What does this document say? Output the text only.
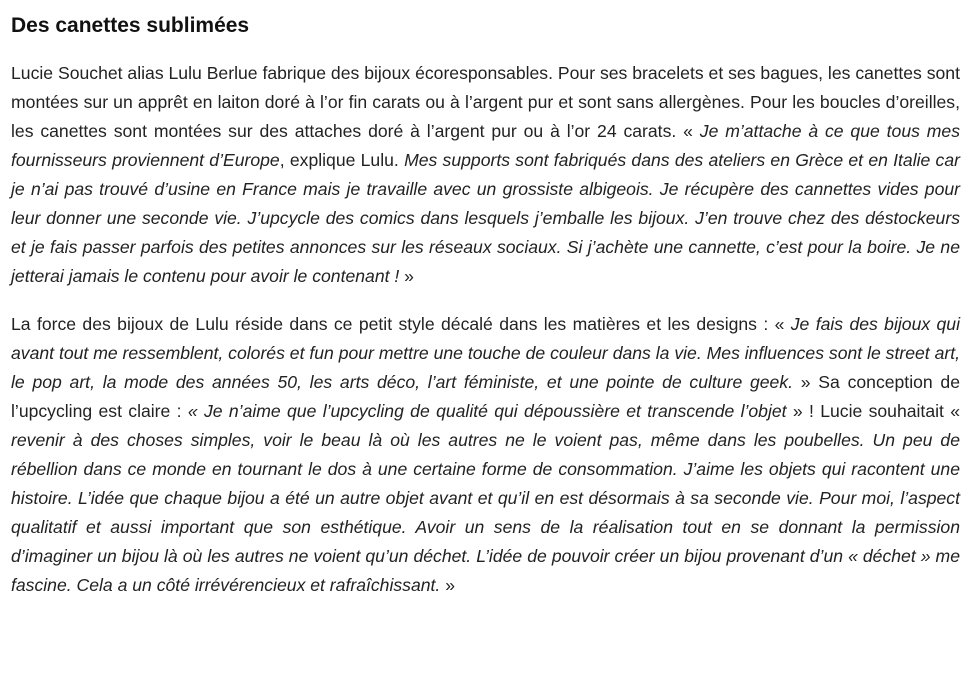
Des canettes sublimées

Lucie Souchet alias Lulu Berlue fabrique des bijoux écoresponsables. Pour ses bracelets et ses bagues, les canettes sont montées sur un apprêt en laiton doré à l’or fin carats ou à l’argent pur et sont sans allergènes. Pour les boucles d’oreilles, les canettes sont montées sur des attaches doré à l’argent pur ou à l’or 24 carats. « Je m’attache à ce que tous mes fournisseurs proviennent d’Europe, explique Lulu. Mes supports sont fabriqués dans des ateliers en Grèce et en Italie car je n’ai pas trouvé d’usine en France mais je travaille avec un grossiste albigeois. Je récupère des cannettes vides pour leur donner une seconde vie. J’upcycle des comics dans lesquels j’emballe les bijoux. J’en trouve chez des déstockeurs et je fais passer parfois des petites annonces sur les réseaux sociaux. Si j’achète une cannette, c’est pour la boire. Je ne jetterai jamais le contenu pour avoir le contenant ! »

La force des bijoux de Lulu réside dans ce petit style décalé dans les matières et les designs : « Je fais des bijoux qui avant tout me ressemblent, colorés et fun pour mettre une touche de couleur dans la vie. Mes influences sont le street art, le pop art, la mode des années 50, les arts déco, l’art féministe, et une pointe de culture geek. » Sa conception de l’upcycling est claire : « Je n’aime que l’upcycling de qualité qui dépoussière et transcende l’objet » ! Lucie souhaitait « revenir à des choses simples, voir le beau là où les autres ne le voient pas, même dans les poubelles. Un peu de rébellion dans ce monde en tournant le dos à une certaine forme de consommation. J’aime les objets qui racontent une histoire. L’idée que chaque bijou a été un autre objet avant et qu’il en est désormais à sa seconde vie. Pour moi, l’aspect qualitatif et aussi important que son esthétique. Avoir un sens de la réalisation tout en se donnant la permission d’imaginer un bijou là où les autres ne voient qu’un déchet. L’idée de pouvoir créer un bijou provenant d’un « déchet » me fascine. Cela a un côté irrévérencieux et rafraîchissant. »
